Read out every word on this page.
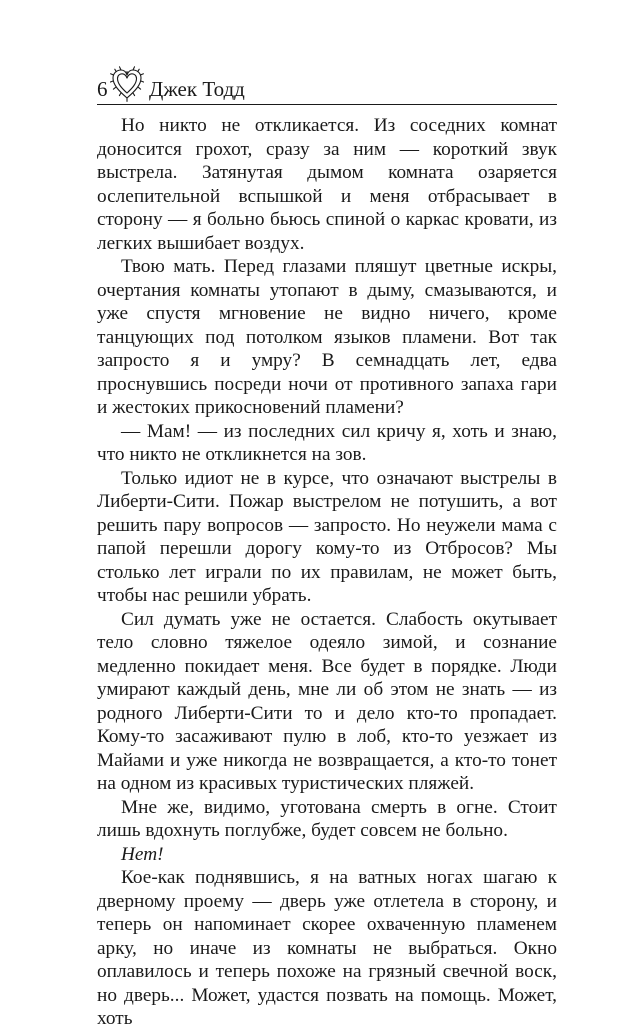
6 Джек Тодд

Но никто не откликается. Из соседних комнат доносится грохот, сразу за ним — короткий звук выстрела. Затянутая дымом комната озаряется ослепительной вспышкой и меня отбрасывает в сторону — я больно бьюсь спиной о каркас кровати, из легких вышибает воздух.

Твою мать. Перед глазами пляшут цветные искры, очертания комнаты утопают в дыму, смазываются, и уже спустя мгновение не видно ничего, кроме танцующих под потолком языков пламени. Вот так запросто я и умру? В семнадцать лет, едва проснувшись посреди ночи от противного запаха гари и жестоких прикосновений пламени?

— Мам! — из последних сил кричу я, хоть и знаю, что никто не откликнется на зов.

Только идиот не в курсе, что означают выстрелы в Либерти-Сити. Пожар выстрелом не потушить, а вот решить пару вопросов — запросто. Но неужели мама с папой перешли дорогу кому-то из Отбросов? Мы столько лет играли по их правилам, не может быть, чтобы нас решили убрать.

Сил думать уже не остается. Слабость окутывает тело словно тяжелое одеяло зимой, и сознание медленно покидает меня. Все будет в порядке. Люди умирают каждый день, мне ли об этом не знать — из родного Либерти-Сити то и дело кто-то пропадает. Кому-то засаживают пулю в лоб, кто-то уезжает из Майами и уже никогда не возвращается, а кто-то тонет на одном из красивых туристических пляжей.

Мне же, видимо, уготована смерть в огне. Стоит лишь вдохнуть поглубже, будет совсем не больно.

Нет!

Кое-как поднявшись, я на ватных ногах шагаю к дверному проему — дверь уже отлетела в сторону, и теперь он напоминает скорее охваченную пламенем арку, но иначе из комнаты не выбраться. Окно оплавилось и теперь похоже на грязный свечной воск, но дверь... Может, удастся позвать на помощь. Может, хоть
